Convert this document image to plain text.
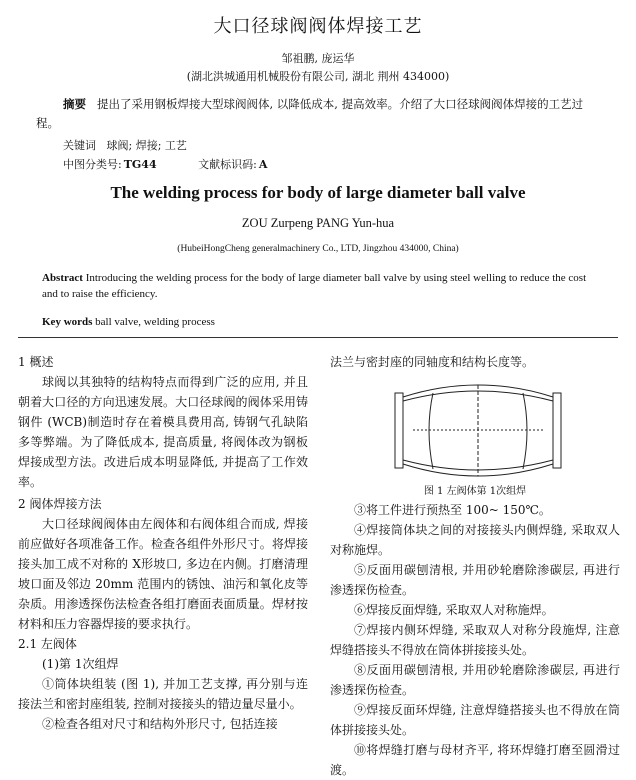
大口径球阀阀体焊接工艺
邹祖鹏, 庞运华
(湖北洪城通用机械股份有限公司, 湖北 荆州 434000)
摘要 提出了采用钢板焊接大型球阀阀体, 以降低成本, 提高效率。介绍了大口径球阀阀体焊接的工艺过程。
关键词 球阀; 焊接; 工艺
中图分类号: TG44	文献标识码: A
The welding process for body of large diameter ball valve
ZOU Zurpeng PANG Yun-hua
(HubeiHongCheng generalmachinery Co., LTD, Jingzhou 434000, China)
Abstract Introducing the welding process for the body of large diameter ball valve by using steel welling to reduce the cost and to raise the efficiency.
Key words ball valve, welding process

1 概述

球阀以其独特的结构特点而得到广泛的应用, 并且朝着大口径的方向迅速发展。大口径球阀的阀体采用铸钢件 (WCB)制造时存在着模具费用高, 铸钢气孔缺陷多等弊端。为了降低成本, 提高质量, 将阀体改为钢板焊接成型方法。改进后成本明显降低, 并提高了工作效率。

2 阀体焊接方法

大口径球阀阀体由左阀体和右阀体组合而成, 焊接前应做好各项准备工作。检查各组件外形尺寸。将焊接接头加工成不对称的 X形坡口, 多边在内侧。打磨清理坡口面及邻边 20mm 范围内的锈蚀、油污和氧化皮等杂质。用渗透探伤法检查各组打磨面表面质量。焊材按材料和压力容器焊接的要求执行。

2.1 左阀体

(1)第 1次组焊

①筒体块组装 (图 1), 并加工艺支撑, 再分别与连接法兰和密封座组装, 控制对接接头的错边量尽量小。

②检查各组对尺寸和结构外形尺寸, 包括连接

法兰与密封座的同轴度和结构长度等。

图 1 左阀体第 1次组焊

③将工件进行预热至 100~ 150℃。

④焊接筒体块之间的对接接头内侧焊缝, 采取双人对称施焊。

⑤反面用碳刨清根, 并用砂轮磨除渗碳层, 再进行渗透探伤检查。

⑥焊接反面焊缝, 采取双人对称施焊。

⑦焊接内侧环焊缝, 采取双人对称分段施焊, 注意焊缝搭接头不得放在筒体拼接接头处。

⑧反面用碳刨清根, 并用砂轮磨除渗碳层, 再进行渗透探伤检查。

⑨焊接反面环焊缝, 注意焊缝搭接头也不得放在筒体拼接接头处。

⑩将焊缝打磨与母材齐平, 将环焊缝打磨至圆滑过渡。
